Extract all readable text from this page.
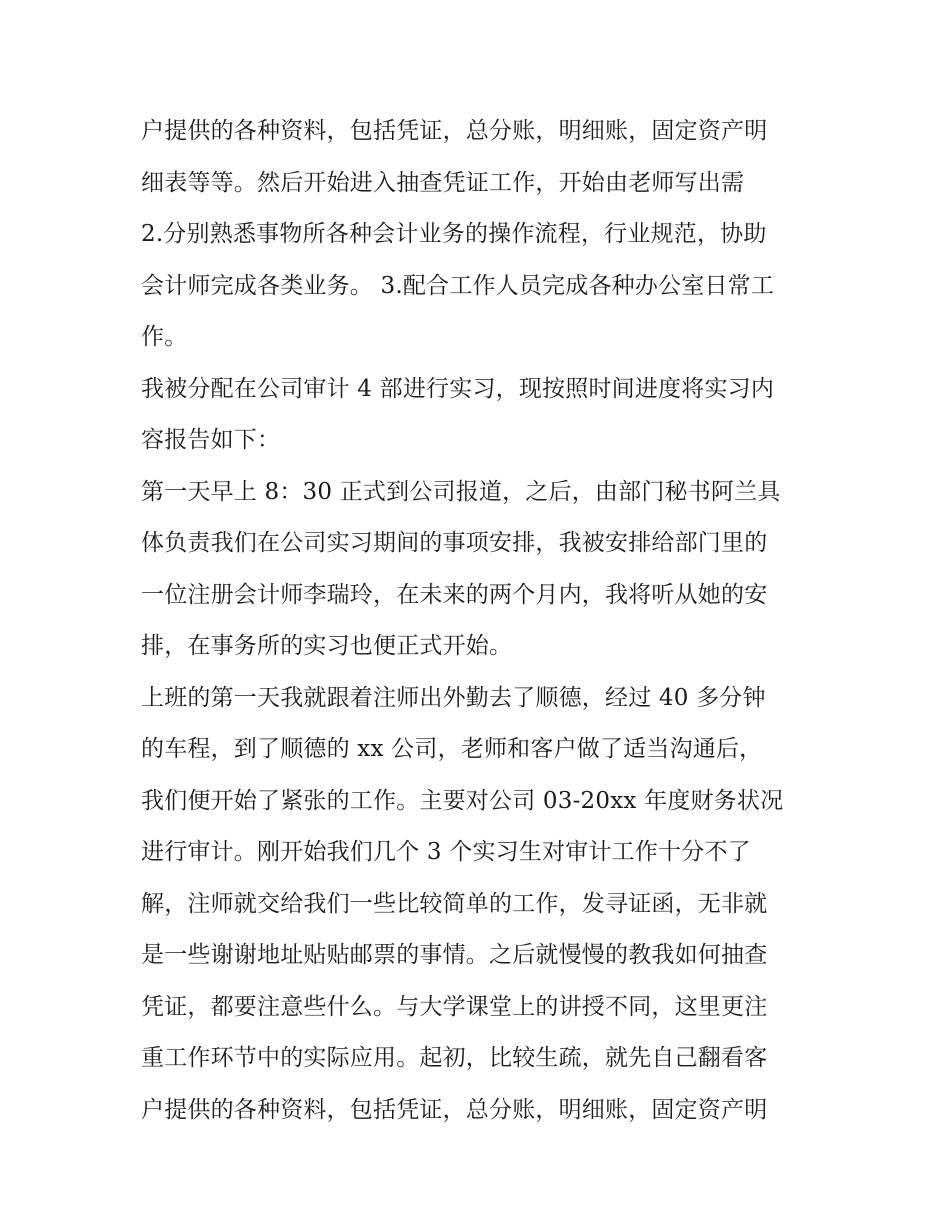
户提供的各种资料，包括凭证，总分账，明细账，固定资产明
细表等等。然后开始进入抽查凭证工作，开始由老师写出需
2.分别熟悉事物所各种会计业务的操作流程，行业规范，协助
会计师完成各类业务。 3.配合工作人员完成各种办公室日常工
作。
我被分配在公司审计 4 部进行实习，现按照时间进度将实习内
容报告如下：
第一天早上 8：30 正式到公司报道，之后，由部门秘书阿兰具
体负责我们在公司实习期间的事项安排，我被安排给部门里的
一位注册会计师李瑞玲，在未来的两个月内，我将听从她的安
排，在事务所的实习也便正式开始。
上班的第一天我就跟着注师出外勤去了顺德，经过 40 多分钟
的车程，到了顺德的 xx 公司，老师和客户做了适当沟通后，
我们便开始了紧张的工作。主要对公司 03-20xx 年度财务状况
进行审计。刚开始我们几个 3 个实习生对审计工作十分不了
解，注师就交给我们一些比较简单的工作，发寻证函，无非就
是一些谢谢地址贴贴邮票的事情。之后就慢慢的教我如何抽查
凭证，都要注意些什么。与大学课堂上的讲授不同，这里更注
重工作环节中的实际应用。起初，比较生疏，就先自己翻看客
户提供的各种资料，包括凭证，总分账，明细账，固定资产明
